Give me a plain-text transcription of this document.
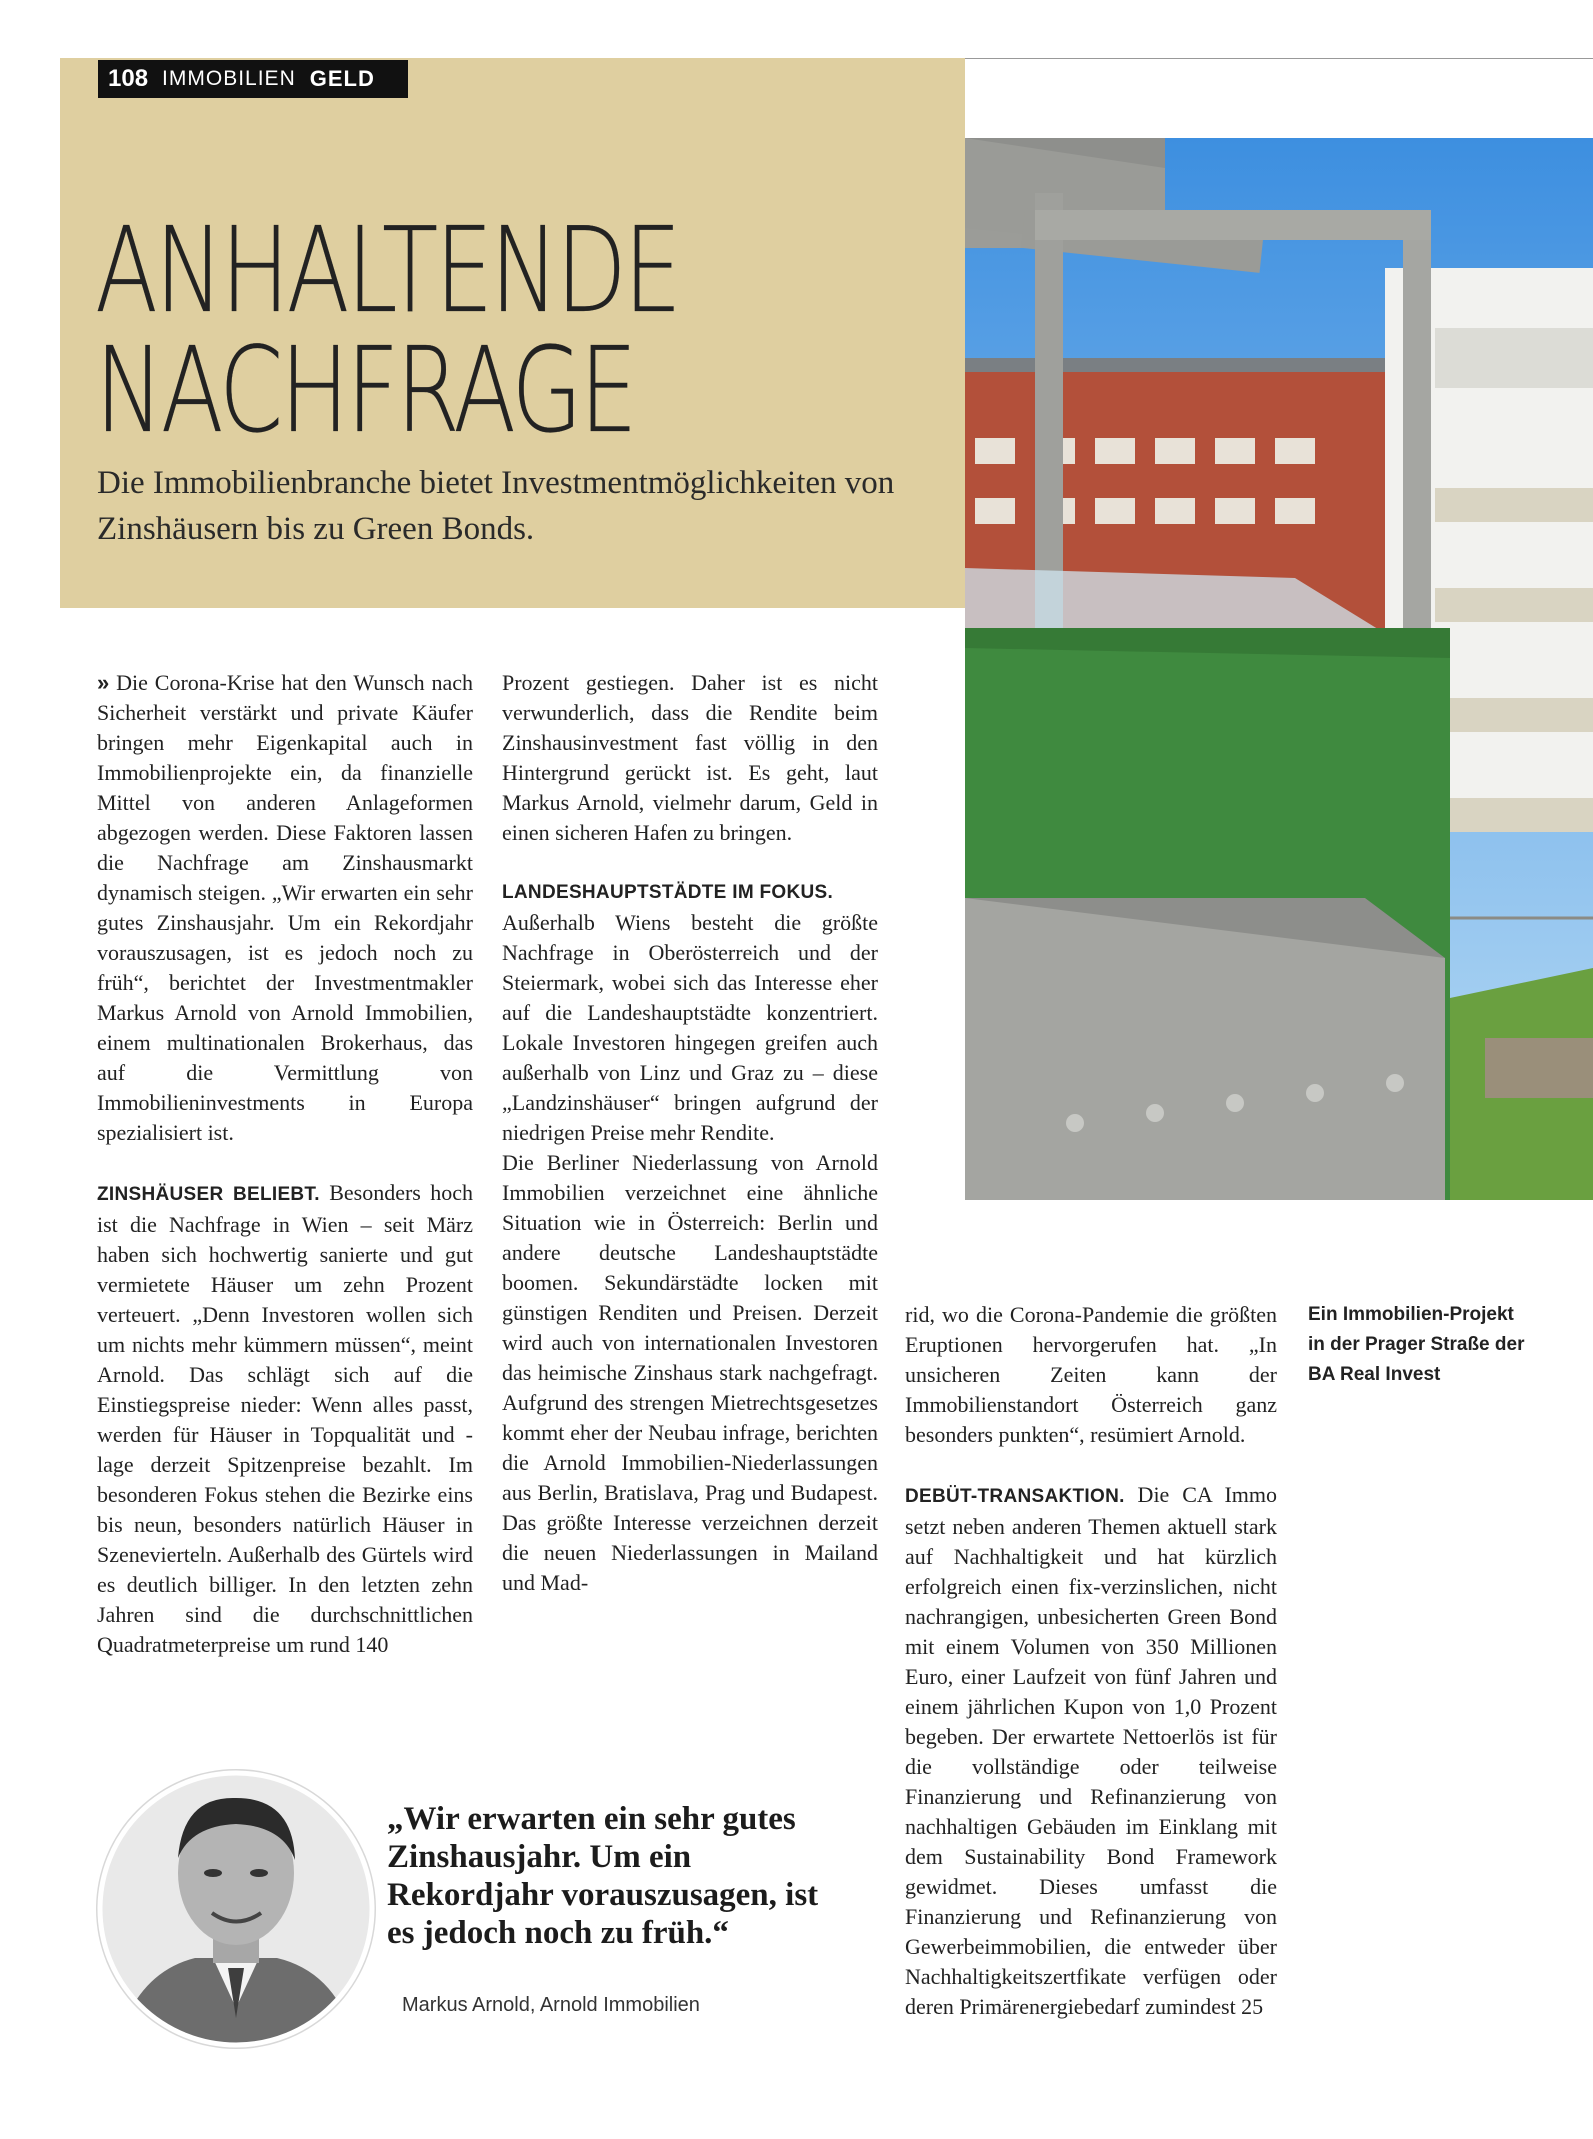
108 IMMOBILIEN GELD
ANHALTENDE
NACHFRAGE

Die Immobilienbranche bietet Investmentmöglichkeiten von Zinshäusern bis zu Green Bonds.

» Die Corona-Krise hat den Wunsch nach Sicherheit verstärkt und private Käufer bringen mehr Eigenkapital auch in Immobilienprojekte ein, da finanzielle Mittel von anderen Anlageformen abgezogen werden. Diese Faktoren lassen die Nachfrage am Zinshausmarkt dynamisch steigen. „Wir erwarten ein sehr gutes Zinshausjahr. Um ein Rekordjahr vorauszusagen, ist es jedoch noch zu früh“, berichtet der Investmentmakler Markus Arnold von Arnold Immobilien, einem multinationalen Brokerhaus, das auf die Vermittlung von Immobilieninvestments in Europa spezialisiert ist.

ZINSHÄUSER BELIEBT. Besonders hoch ist die Nachfrage in Wien – seit März haben sich hochwertig sanierte und gut vermietete Häuser um zehn Prozent verteuert. „Denn Investoren wollen sich um nichts mehr kümmern müssen“, meint Arnold. Das schlägt sich auf die Einstiegspreise nieder: Wenn alles passt, werden für Häuser in Topqualität und -lage derzeit Spitzenpreise bezahlt. Im besonderen Fokus stehen die Bezirke eins bis neun, besonders natürlich Häuser in Szenevierteln. Außerhalb des Gürtels wird es deutlich billiger. In den letzten zehn Jahren sind die durchschnittlichen Quadratmeterpreise um rund 140

Prozent gestiegen. Daher ist es nicht verwunderlich, dass die Rendite beim Zinshausinvestment fast völlig in den Hintergrund gerückt ist. Es geht, laut Markus Arnold, vielmehr darum, Geld in einen sicheren Hafen zu bringen.

LANDESHAUPTSTÄDTE IM FOKUS.

Außerhalb Wiens besteht die größte Nachfrage in Oberösterreich und der Steiermark, wobei sich das Interesse eher auf die Landeshauptstädte konzentriert. Lokale Investoren hingegen greifen auch außerhalb von Linz und Graz zu – diese „Landzinshäuser“ bringen aufgrund der niedrigen Preise mehr Rendite.

Die Berliner Niederlassung von Arnold Immobilien verzeichnet eine ähnliche Situation wie in Österreich: Berlin und andere deutsche Landeshauptstädte boomen. Sekundärstädte locken mit günstigen Renditen und Preisen. Derzeit wird auch von internationalen Investoren das heimische Zinshaus stark nachgefragt. Aufgrund des strengen Mietrechtsgesetzes kommt eher der Neubau infrage, berichten die Arnold Immobilien-Niederlassungen aus Berlin, Bratislava, Prag und Budapest. Das größte Interesse verzeichnen derzeit die neuen Niederlassungen in Mailand und Mad-

rid, wo die Corona-Pandemie die größten Eruptionen hervorgerufen hat. „In unsicheren Zeiten kann der Immobilienstandort Österreich ganz besonders punkten“, resümiert Arnold.

DEBÜT-TRANSAKTION. Die CA Immo setzt neben anderen Themen aktuell stark auf Nachhaltigkeit und hat kürzlich erfolgreich einen fix-verzinslichen, nicht nachrangigen, unbesicherten Green Bond mit einem Volumen von 350 Millionen Euro, einer Laufzeit von fünf Jahren und einem jährlichen Kupon von 1,0 Prozent begeben. Der erwartete Nettoerlös ist für die vollständige oder teilweise Finanzierung und Refinanzierung von nachhaltigen Gebäuden im Einklang mit dem Sustainability Bond Framework gewidmet. Dieses umfasst die Finanzierung und Refinanzierung von Gewerbeimmobilien, die entweder über Nachhaltigkeitszertfikate verfügen oder deren Primärenergiebedarf zumindest 25

Ein Immobilien-Projekt in der Prager Straße der BA Real Invest

„Wir erwarten ein sehr gutes Zinshausjahr. Um ein Rekordjahr vorauszusagen, ist es jedoch noch zu früh.“

Markus Arnold, Arnold Immobilien
